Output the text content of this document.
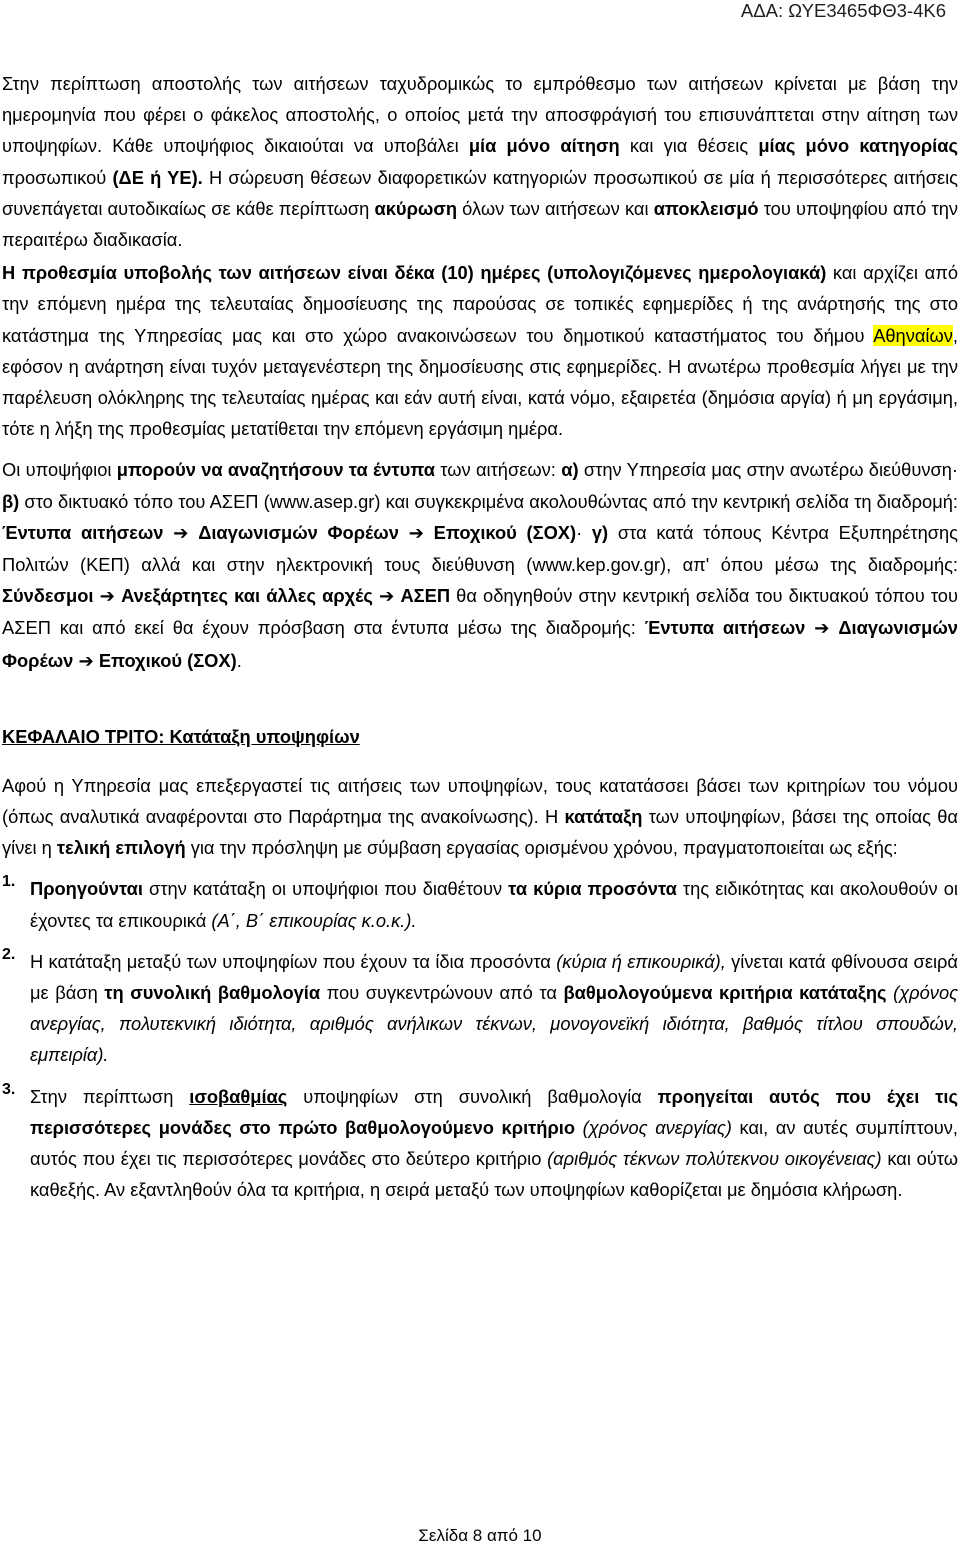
ΑΔΑ: ΩΥΕ3465ΦΘ3-4Κ6

Στην περίπτωση αποστολής των αιτήσεων ταχυδρομικώς το εμπρόθεσμο των αιτήσεων κρίνεται με βάση την ημερομηνία που φέρει ο φάκελος αποστολής, ο οποίος μετά την αποσφράγισή του επισυνάπτεται στην αίτηση των υποψηφίων. Κάθε υποψήφιος δικαιούται να υποβάλει μία μόνο αίτηση και για θέσεις μίας μόνο κατηγορίας προσωπικού (ΔΕ ή ΥΕ). Η σώρευση θέσεων διαφορετικών κατηγοριών προσωπικού σε μία ή περισσότερες αιτήσεις συνεπάγεται αυτοδικαίως σε κάθε περίπτωση ακύρωση όλων των αιτήσεων και αποκλεισμό του υποψηφίου από την περαιτέρω διαδικασία.

Η προθεσμία υποβολής των αιτήσεων είναι δέκα (10) ημέρες (υπολογιζόμενες ημερολογιακά) και αρχίζει από την επόμενη ημέρα της τελευταίας δημοσίευσης της παρούσας σε τοπικές εφημερίδες ή της ανάρτησής της στο κατάστημα της Υπηρεσίας μας και στο χώρο ανακοινώσεων του δημοτικού καταστήματος του δήμου Αθηναίων, εφόσον η ανάρτηση είναι τυχόν μεταγενέστερη της δημοσίευσης στις εφημερίδες. Η ανωτέρω προθεσμία λήγει με την παρέλευση ολόκληρης της τελευταίας ημέρας και εάν αυτή είναι, κατά νόμο, εξαιρετέα (δημόσια αργία) ή μη εργάσιμη, τότε η λήξη της προθεσμίας μετατίθεται την επόμενη εργάσιμη ημέρα.

Οι υποψήφιοι μπορούν να αναζητήσουν τα έντυπα των αιτήσεων: α) στην Υπηρεσία μας στην ανωτέρω διεύθυνση· β) στο δικτυακό τόπο του ΑΣΕΠ (www.asep.gr) και συγκεκριμένα ακολουθώντας από την κεντρική σελίδα τη διαδρομή: Έντυπα αιτήσεων ➔ Διαγωνισμών Φορέων ➔ Εποχικού (ΣΟΧ)· γ) στα κατά τόπους Κέντρα Εξυπηρέτησης Πολιτών (ΚΕΠ) αλλά και στην ηλεκτρονική τους διεύθυνση (www.kep.gov.gr), απ' όπου μέσω της διαδρομής: Σύνδεσμοι ➔ Ανεξάρτητες και άλλες αρχές ➔ ΑΣΕΠ θα οδηγηθούν στην κεντρική σελίδα του δικτυακού τόπου του ΑΣΕΠ και από εκεί θα έχουν πρόσβαση στα έντυπα μέσω της διαδρομής: Έντυπα αιτήσεων ➔ Διαγωνισμών Φορέων ➔ Εποχικού (ΣΟΧ).

ΚΕΦΑΛΑΙΟ ΤΡΙΤΟ: Κατάταξη υποψηφίων

Αφού η Υπηρεσία μας επεξεργαστεί τις αιτήσεις των υποψηφίων, τους κατατάσσει βάσει των κριτηρίων του νόμου (όπως αναλυτικά αναφέρονται στο Παράρτημα της ανακοίνωσης). Η κατάταξη των υποψηφίων, βάσει της οποίας θα γίνει η τελική επιλογή για την πρόσληψη με σύμβαση εργασίας ορισμένου χρόνου, πραγματοποιείται ως εξής:

1. Προηγούνται στην κατάταξη οι υποψήφιοι που διαθέτουν τα κύρια προσόντα της ειδικότητας και ακολουθούν οι έχοντες τα επικουρικά (Α΄, Β΄ επικουρίας κ.ο.κ.).

2. Η κατάταξη μεταξύ των υποψηφίων που έχουν τα ίδια προσόντα (κύρια ή επικουρικά), γίνεται κατά φθίνουσα σειρά με βάση τη συνολική βαθμολογία που συγκεντρώνουν από τα βαθμολογούμενα κριτήρια κατάταξης (χρόνος ανεργίας, πολυτεκνική ιδιότητα, αριθμός ανήλικων τέκνων, μονογονεϊκή ιδιότητα, βαθμός τίτλου σπουδών, εμπειρία).

3. Στην περίπτωση ισοβαθμίας υποψηφίων στη συνολική βαθμολογία προηγείται αυτός που έχει τις περισσότερες μονάδες στο πρώτο βαθμολογούμενο κριτήριο (χρόνος ανεργίας) και, αν αυτές συμπίπτουν, αυτός που έχει τις περισσότερες μονάδες στο δεύτερο κριτήριο (αριθμός τέκνων πολύτεκνου οικογένειας) και ούτω καθεξής. Αν εξαντληθούν όλα τα κριτήρια, η σειρά μεταξύ των υποψηφίων καθορίζεται με δημόσια κλήρωση.

Σελίδα 8 από 10
